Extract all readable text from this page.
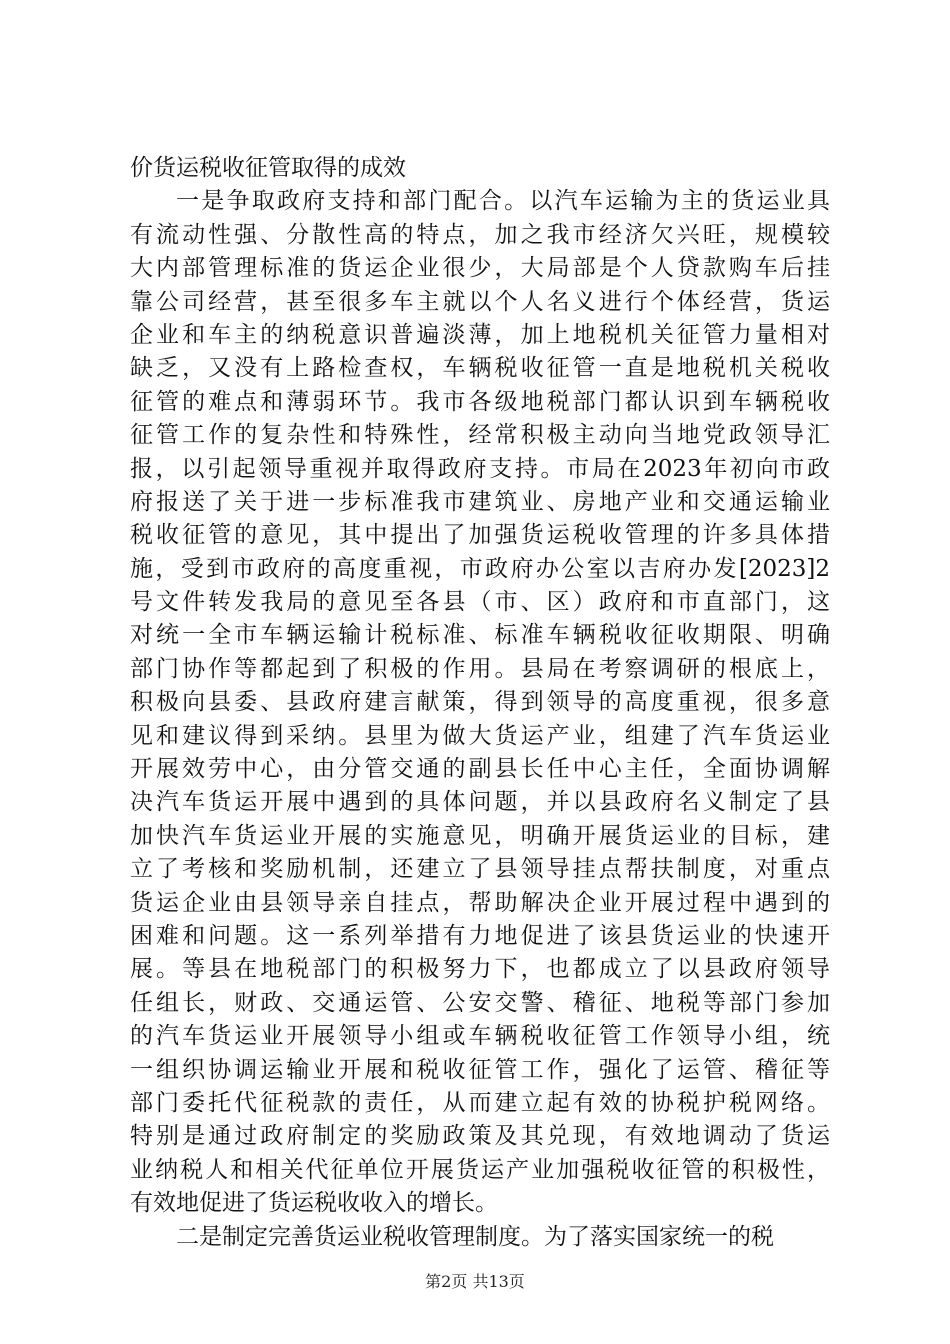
价货运税收征管取得的成效
一是争取政府支持和部门配合。以汽车运输为主的货运业具
有流动性强、分散性高的特点，加之我市经济欠兴旺，规模较
大内部管理标准的货运企业很少，大局部是个人贷款购车后挂
靠公司经营，甚至很多车主就以个人名义进行个体经营，货运
企业和车主的纳税意识普遍淡薄，加上地税机关征管力量相对
缺乏，又没有上路检查权，车辆税收征管一直是地税机关税收
征管的难点和薄弱环节。我市各级地税部门都认识到车辆税收
征管工作的复杂性和特殊性，经常积极主动向当地党政领导汇
报，以引起领导重视并取得政府支持。市局在2023年初向市政
府报送了关于进一步标准我市建筑业、房地产业和交通运输业
税收征管的意见，其中提出了加强货运税收管理的许多具体措
施，受到市政府的高度重视，市政府办公室以吉府办发[2023]2
号文件转发我局的意见至各县（市、区）政府和市直部门，这
对统一全市车辆运输计税标准、标准车辆税收征收期限、明确
部门协作等都起到了积极的作用。县局在考察调研的根底上，
积极向县委、县政府建言献策，得到领导的高度重视，很多意
见和建议得到采纳。县里为做大货运产业，组建了汽车货运业
开展效劳中心，由分管交通的副县长任中心主任，全面协调解
决汽车货运开展中遇到的具体问题，并以县政府名义制定了县
加快汽车货运业开展的实施意见，明确开展货运业的目标，建
立了考核和奖励机制，还建立了县领导挂点帮扶制度，对重点
货运企业由县领导亲自挂点，帮助解决企业开展过程中遇到的
困难和问题。这一系列举措有力地促进了该县货运业的快速开
展。等县在地税部门的积极努力下，也都成立了以县政府领导
任组长，财政、交通运管、公安交警、稽征、地税等部门参加
的汽车货运业开展领导小组或车辆税收征管工作领导小组，统
一组织协调运输业开展和税收征管工作，强化了运管、稽征等
部门委托代征税款的责任，从而建立起有效的协税护税网络。
特别是通过政府制定的奖励政策及其兑现，有效地调动了货运
业纳税人和相关代征单位开展货运产业加强税收征管的积极性，
有效地促进了货运税收收入的增长。
二是制定完善货运业税收管理制度。为了落实国家统一的税
第2页 共13页
